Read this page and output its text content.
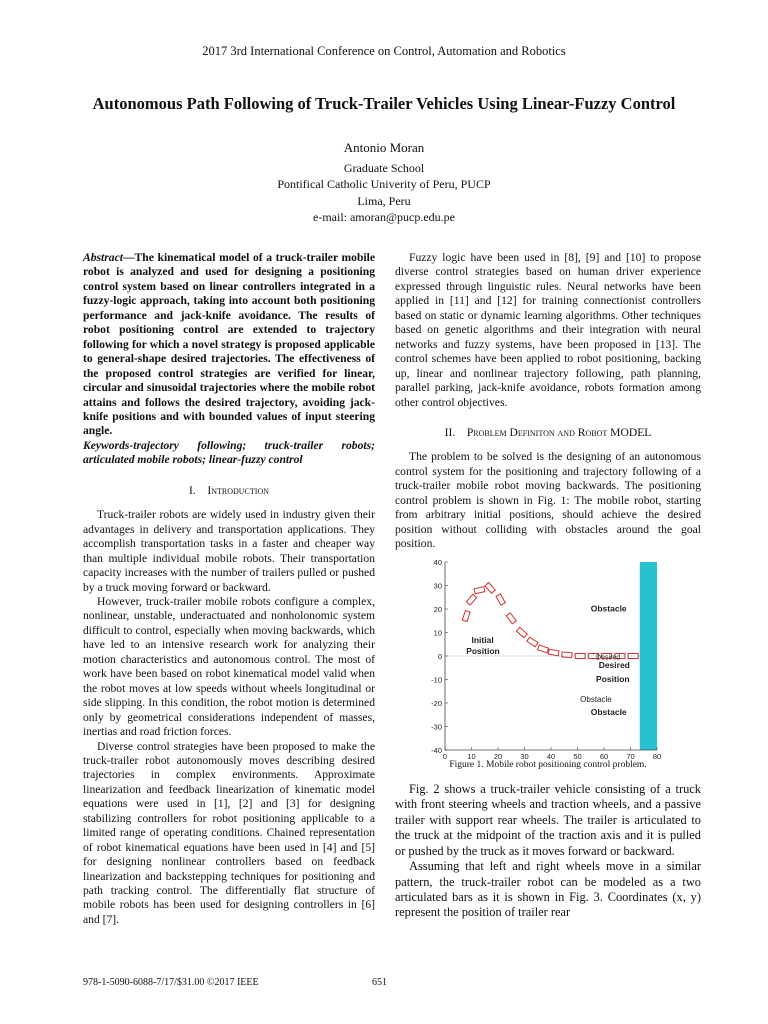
2017 3rd International Conference on Control, Automation and Robotics
Autonomous Path Following of Truck-Trailer Vehicles Using Linear-Fuzzy Control
Antonio Moran
Graduate School
Pontifical Catholic Univerity of Peru, PUCP
Lima, Peru
e-mail: amoran@pucp.edu.pe

Abstract—The kinematical model of a truck-trailer mobile robot is analyzed and used for designing a positioning control system based on linear controllers integrated in a fuzzy-logic approach, taking into account both positioning performance and jack-knife avoidance. The results of robot positioning control are extended to trajectory following for which a novel strategy is proposed applicable to general-shape desired trajectories. The effectiveness of the proposed control strategies are verified for linear, circular and sinusoidal trajectories where the mobile robot attains and follows the desired trajectory, avoiding jack-knife positions and with bounded values of input steering angle.

Keywords-trajectory following; truck-trailer robots; articulated mobile robots; linear-fuzzy control

I. Introduction

Truck-trailer robots are widely used in industry given their advantages in delivery and transportation applications. They accomplish transportation tasks in a faster and cheaper way than multiple individual mobile robots. Their transportation capacity increases with the number of trailers pulled or pushed by a truck moving forward or backward.

However, truck-trailer mobile robots configure a complex, nonlinear, unstable, underactuated and nonholonomic system difficult to control, especially when moving backwards, which have led to an intensive research work for analyzing their motion characteristics and autonomous control. The most of work have been based on robot kinematical model valid when the robot moves at low speeds without wheels longitudinal or side slipping. In this condition, the robot motion is determined only by geometrical considerations independent of masses, inertias and road friction forces.

Diverse control strategies have been proposed to make the truck-trailer robot autonomously moves describing desired trajectories in complex environments. Approximate linearization and feedback linearization of kinematic model equations were used in [1], [2] and [3] for designing stabilizing controllers for robot positioning applicable to a limited range of operating conditions. Chained representation of robot kinematical equations have been used in [4] and [5] for designing nonlinear controllers based on feedback linearization and backstepping techniques for positioning and path tracking control. The differentially flat structure of mobile robots has been used for designing controllers in [6] and [7].

Fuzzy logic have been used in [8], [9] and [10] to propose diverse control strategies based on human driver experience expressed through linguistic rules. Neural networks have been applied in [11] and [12] for training connectionist controllers based on static or dynamic learning algorithms. Other techniques based on genetic algorithms and their integration with neural networks and fuzzy systems, have been proposed in [13]. The control schemes have been applied to robot positioning, backing up, linear and nonlinear trajectory following, path planning, parallel parking, jack-knife avoidance, robots formation among other control objectives.

II. Problem Definiton and Robot MODEL

The problem to be solved is the designing of an autonomous control system for the positioning and trajectory following of a truck-trailer mobile robot moving backwards. The positioning control problem is shown in Fig. 1: The mobile robot, starting from arbitrary initial positions, should achieve the desired position without colliding with obstacles around the goal position.

40
30
20
10
0
-10
-20
-30
-40
0	10 20 30 40 50 60 70 80
Obstacle
Initial
Position
Desired
Desired
Position
Obstacle
Obstacle
Figure 1. Mobile robot positioning control problem.

Fig. 2 shows a truck-trailer vehicle consisting of a truck with front steering wheels and traction wheels, and a passive trailer with support rear wheels. The trailer is articulated to the truck at the midpoint of the traction axis and it is pulled or pushed by the truck as it moves forward or backward.

Assuming that left and right wheels move in a similar pattern, the truck-trailer robot can be modeled as a two articulated bars as it is shown in Fig. 3. Coordinates (x, y) represent the position of trailer rear

978-1-5090-6088-7/17/$31.00 ©2017 IEEE	651
